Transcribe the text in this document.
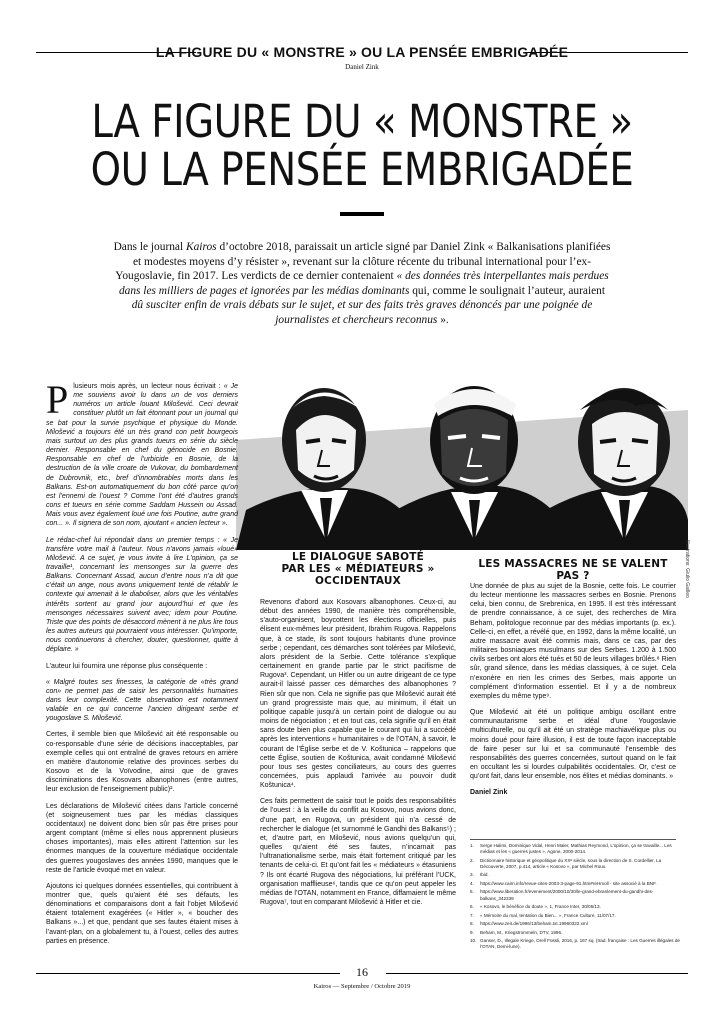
LA FIGURE DU « MONSTRE » OU LA PENSÉE EMBRIGADÉE
Daniel Zink
LA FIGURE DU « MONSTRE »
OU LA PENSÉE EMBRIGADÉE

Dans le journal Kairos d’octobre 2018, paraissait un article signé par Daniel Zink « Balkanisations planifiées et modestes moyens d’y résister », revenant sur la clôture récente du tribunal international pour l’ex-Yougoslavie, fin 2017. Les verdicts de ce dernier contenaient « des données très interpellantes mais perdues dans les milliers de pages et ignorées par les médias dominants qui, comme le soulignait l’auteur, auraient dû susciter enfin de vrais débats sur le sujet, et sur des faits très graves dénoncés par une poignée de journalistes et chercheurs reconnus ».

Illustrations: Giulio Gailleo

Plusieurs mois après, un lecteur nous écrivait : « Je me souviens avoir lu dans un de vos derniers numéros un article louant Milošević. Ceci devrait constituer plutôt un fait étonnant pour un journal qui se bat pour la survie psychique et physique du Monde. Milošević a toujours été un très grand con petit bourgeois mais surtout un des plus grands tueurs en série du siècle dernier. Responsable en chef du génocide en Bosnie. Responsable en chef de l’urbicide en Bosnie, de la destruction de la ville croate de Vukovar, du bombardement de Dubrovnik, etc., bref d’innombrables morts dans les Balkans. Est-on automatiquement du bon côté parce qu’on est l’ennemi de l’ouest ? Comme l’ont été d’autres grands cons et tueurs en série comme Saddam Hussein ou Assad. Mais vous avez également loué une fois Poutine, autre grand con... ». Il signera de son nom, ajoutant « ancien lecteur ».

Le rédac-chef lui répondait dans un premier temps : « Je transfère votre mail à l’auteur. Nous n’avons jamais «loué» Milošević. A ce sujet, je vous invite à lire L’opinion, ça se travaille¹, concernant les mensonges sur la guerre des Balkans. Concernant Assad, aucun d’entre nous n’a dit que c’était un ange, nous avons uniquement tenté de rétablir le contexte qui amenait à le diaboliser, alors que les véritables intérêts sortent au grand jour aujourd’hui et que les mensonges nécessaires suivent avec; idem pour Poutine. Triste que des points de désaccord mènent à ne plus lire tous les autres auteurs qui pourraient vous intéresser. Qu’importe, nous continuerons à chercher, douter, questionner, quitte à déplaire. »

L’auteur lui fournira une réponse plus conséquente :

« Malgré toutes ses finesses, la catégorie de «très grand con» ne permet pas de saisir les personnalités humaines dans leur complexité. Cette observation est notamment valable en ce qui concerne l’ancien dirigeant serbe et yougoslave S. Milošević.

Certes, il semble bien que Milošević ait été responsable ou co-responsable d’une série de décisions inacceptables, par exemple celles qui ont entraîné de graves retours en arrière en matière d’autonomie relative des provinces serbes du Kosovo et de la Voïvodine, ainsi que de graves discriminations des Kosovars albanophones (entre autres, leur exclusion de l’enseignement public)².

Les déclarations de Milošević citées dans l’article concerné (et soigneusement tues par les médias classiques occidentaux) ne doivent donc bien sûr pas être prises pour argent comptant (même si elles nous apprennent plusieurs choses importantes), mais elles attirent l’attention sur les énormes manques de la couverture médiatique occidentale des guerres yougoslaves des années 1990, manques que le reste de l’article évoqué met en valeur.

Ajoutons ici quelques données essentielles, qui contribuent à montrer que, quels qu’aient été ses défauts, les dénominations et comparaisons dont a fait l’objet Milošević étaient totalement exagérées (« Hitler », « boucher des Balkans »...) et que, pendant que ses fautes étaient mises à l’avant-plan, on a globalement tu, à l’ouest, celles des autres parties en présence.

LE DIALOGUE SABOTÉ PAR LES « MÉDIATEURS » OCCIDENTAUX

Revenons d’abord aux Kosovars albanophones. Ceux-ci, au début des années 1990, de manière très compréhensible, s’auto-organisent, boycottent les élections officielles, puis élisent eux-mêmes leur président, Ibrahim Rugova. Rappelons que, à ce stade, ils sont toujours habitants d’une province serbe ; cependant, ces démarches sont tolérées par Milošević, alors président de la Serbie. Cette tolérance s’explique certainement en grande partie par le strict pacifisme de Rugova³. Cependant, un Hitler ou un autre dirigeant de ce type aurait-il laissé passer ces démarches des albanophones ? Rien sûr que non. Cela ne signifie pas que Milošević aurait été un grand progressiste mais que, au minimum, il était un politique capable jusqu’à un certain point de dialogue ou au moins de négociation ; et en tout cas, cela signifie qu’il en était sans doute bien plus capable que le courant qui lui a succédé après les interventions « humanitaires » de l’OTAN, à savoir, le courant de l’Église serbe et de V. Koštunica – rappelons que cette Église, soutien de Koštunica, avait condamné Milošević pour tous ses gestes conciliateurs, au cours des guerres concernées, puis applaudi l’arrivée au pouvoir dudit Koštunica⁴.

Ces faits permettent de saisir tout le poids des responsabilités de l’ouest : à la veille du conflit au Kosovo, nous avions donc, d’une part, en Rugova, un président qui n’a cessé de rechercher le dialogue (et surnommé le Gandhi des Balkans⁵) ; et, d’autre part, en Milošević, nous avions quelqu’un qui, quelles qu’aient été ses fautes, n’incarnait pas l’ultranationalisme serbe, mais était fortement critiqué par les tenants de celui-ci. Et qu’ont fait les « médiateurs » étasuniens ? Ils ont écarté Rugova des négociations, lui préférant l’UCK, organisation mafflieuse⁶, tandis que ce qu’on peut appeler les médias de l’OTAN, notamment en France, diffamaient le même Rugova⁷, tout en comparant Milošević à Hitler et cie.

LES MASSACRES NE SE VALENT PAS ?

Une donnée de plus au sujet de la Bosnie, cette fois. Le courrier du lecteur mentionne les massacres serbes en Bosnie. Prenons celui, bien connu, de Srebrenica, en 1995. Il est très intéressant de prendre connaissance, à ce sujet, des recherches de Mira Beham, politologue reconnue par des médias importants (p. ex.). Celle-ci, en effet, a révélé que, en 1992, dans la même localité, un autre massacre avait été commis mais, dans ce cas, par des militaires bosniaques musulmans sur des Serbes. 1.200 à 1.500 civils serbes ont alors été tués et 50 de leurs villages brûlés.⁸ Rien sûr, grand silence, dans les médias classiques, à ce sujet. Cela n’exonère en rien les crimes des Serbes, mais apporte un complément d’information essentiel. Et il y a de nombreux exemples du même type⁹.

Que Milošević ait été un politique ambigu oscillant entre communautarisme serbe et idéal d’une Yougoslavie multiculturelle, ou qu’il ait été un stratège machiavélique plus ou moins doué pour faire illusion, il est de toute façon inacceptable de faire peser sur lui et sa communauté l’ensemble des responsabilités des guerres concernées, surtout quand on le fait en occultant les si lourdes culpabilités occidentales. Or, c’est ce qu’ont fait, dans leur ensemble, nos élites et médias dominants. »

Daniel Zink

1. Serge Halimi, Dominique Vidal, Henri Maler, Mathias Reymond, L’opinion, ça se travaille... Les médias et les « guerres justes », Agone, 2000-2014.
2. Dictionnaire historique et géopolitique du XXᵉ siècle, sous la direction de S. Cordellier, La Découverte, 2007, p.414, article « Kosovo », par Michel Roux.
3. Ibid.
4. https://www.cairn.info/revue-cites-2003-3-page-91.htm#reHmoll - site associé à la BNF.
5. https://www.liberation.fr/evenement/2000/10/30/le-grand-ebranlement-du-gandhi-des-balkans_342339
6. « Kosovo, le bénéfice du doute », 1, France Inter, 30/05/13.
7. « Mémoire du mal, tentation du Bien... », France Culture, 11/07/17.
8. https://www.zeit.de/1996/13/beham.txt.19960322.xml
9. Beham, M., Kriegstrommeln, DTV, 1996.
10. Ganser, D., Illegale Kriege, Orell Füssli, 2016, p. 167 sq. (trad. française : Les Guerres illégales de l’OTAN, Demi-lune).
16
Kairos — Septembre / Octobre 2019
